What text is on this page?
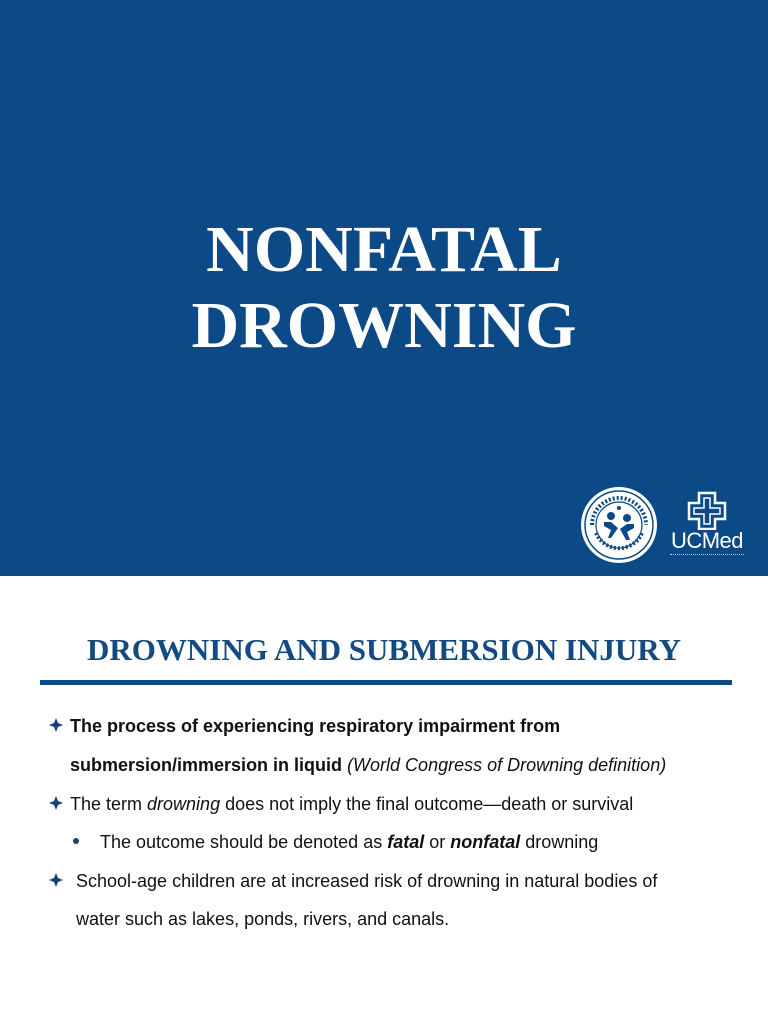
NONFATAL
DROWNING
UCMed
DROWNING AND SUBMERSION INJURY
The process of experiencing respiratory impairment from
submersion/immersion in liquid (World Congress of Drowning definition)
The term drowning does not imply the final outcome—death or survival
The outcome should be denoted as fatal or nonfatal drowning
School-age children are at increased risk of drowning in natural bodies of
water such as lakes, ponds, rivers, and canals.
